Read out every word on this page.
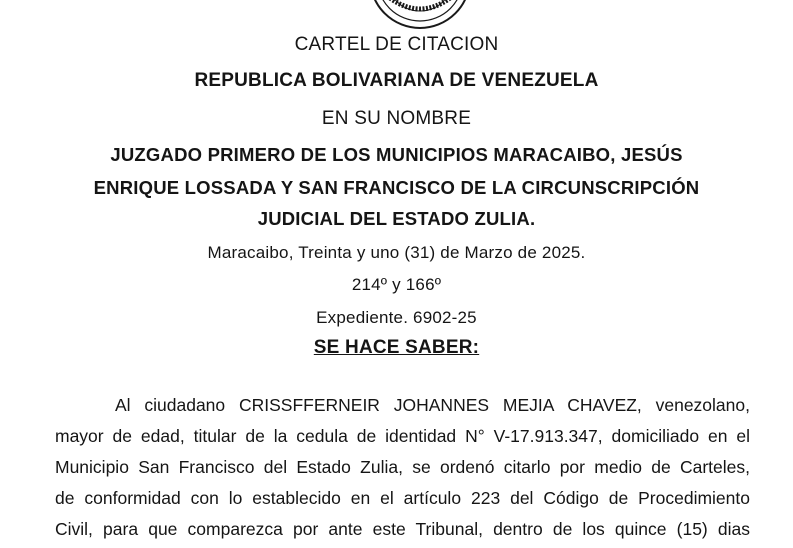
CARTEL DE CITACION
REPUBLICA BOLIVARIANA DE VENEZUELA
EN SU NOMBRE
JUZGADO PRIMERO DE LOS MUNICIPIOS MARACAIBO, JESÚS
ENRIQUE LOSSADA Y SAN FRANCISCO DE LA CIRCUNSCRIPCIÓN
JUDICIAL DEL ESTADO ZULIA.
Maracaibo, Treinta y uno (31) de Marzo de 2025.
214º y 166º
Expediente. 6902-25
SE HACE SABER:
Al ciudadano CRISSFFERNEIR JOHANNES MEJIA CHAVEZ, venezolano,
mayor de edad, titular de la cedula de identidad N° V-17.913.347, domiciliado en el
Municipio San Francisco del Estado Zulia, se ordenó citarlo por medio de Carteles,
de conformidad con lo establecido en el artículo 223 del Código de Procedimiento
Civil, para que comparezca por ante este Tribunal, dentro de los quince (15) dias
